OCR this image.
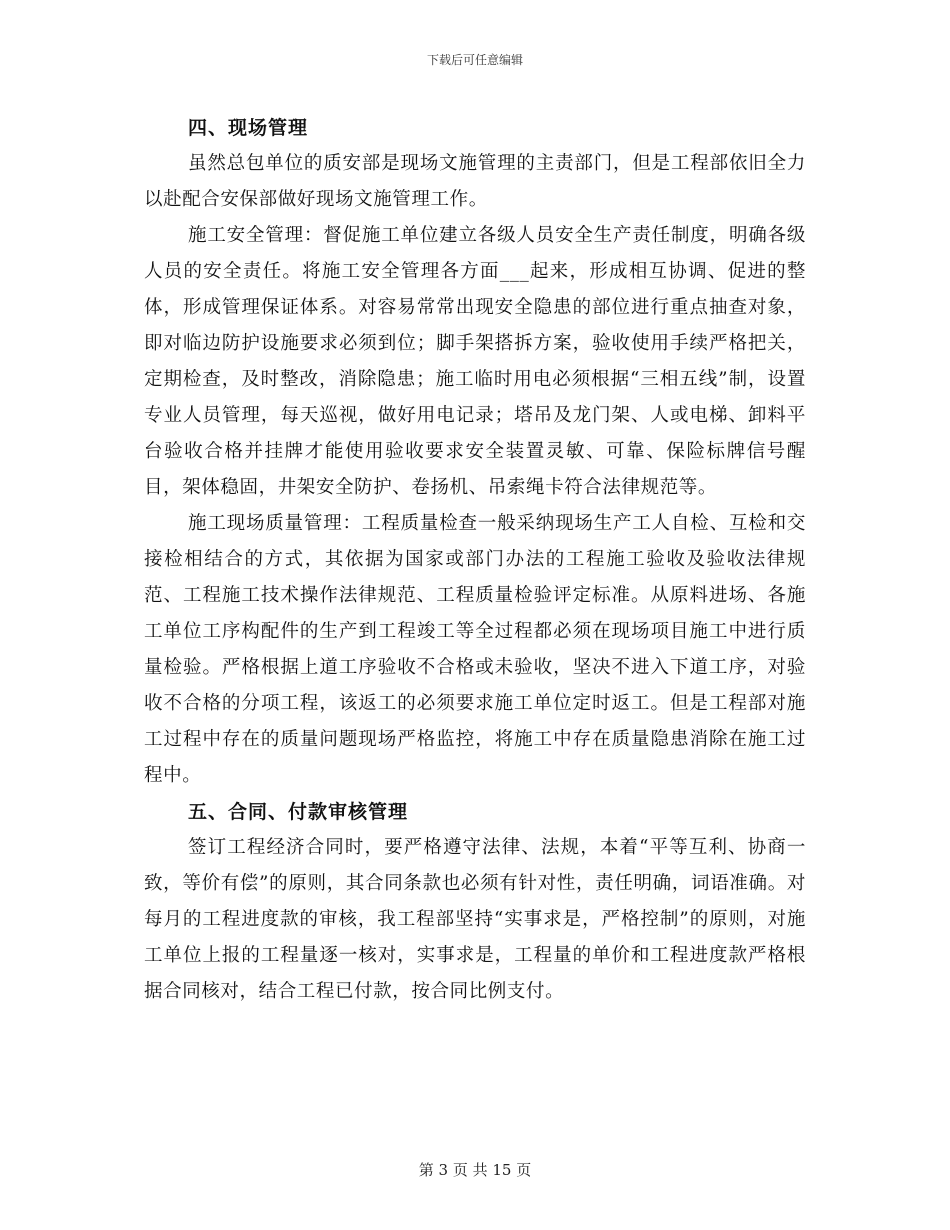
下载后可任意编辑
四、现场管理

虽然总包单位的质安部是现场文施管理的主责部门，但是工程部依旧全力以赴配合安保部做好现场文施管理工作。

施工安全管理：督促施工单位建立各级人员安全生产责任制度，明确各级人员的安全责任。将施工安全管理各方面___起来，形成相互协调、促进的整体，形成管理保证体系。对容易常常出现安全隐患的部位进行重点抽查对象，即对临边防护设施要求必须到位；脚手架搭拆方案，验收使用手续严格把关，定期检查，及时整改，消除隐患；施工临时用电必须根据“三相五线”制，设置专业人员管理，每天巡视，做好用电记录；塔吊及龙门架、人或电梯、卸料平台验收合格并挂牌才能使用验收要求安全装置灵敏、可靠、保险标牌信号醒目，架体稳固，井架安全防护、卷扬机、吊索绳卡符合法律规范等。

施工现场质量管理：工程质量检查一般采纳现场生产工人自检、互检和交接检相结合的方式，其依据为国家或部门办法的工程施工验收及验收法律规范、工程施工技术操作法律规范、工程质量检验评定标准。从原料进场、各施工单位工序构配件的生产到工程竣工等全过程都必须在现场项目施工中进行质量检验。严格根据上道工序验收不合格或未验收，坚决不进入下道工序，对验收不合格的分项工程，该返工的必须要求施工单位定时返工。但是工程部对施工过程中存在的质量问题现场严格监控，将施工中存在质量隐患消除在施工过程中。

五、合同、付款审核管理

签订工程经济合同时，要严格遵守法律、法规，本着“平等互利、协商一致，等价有偿”的原则，其合同条款也必须有针对性，责任明确，词语准确。对每月的工程进度款的审核，我工程部坚持“实事求是，严格控制”的原则，对施工单位上报的工程量逐一核对，实事求是，工程量的单价和工程进度款严格根据合同核对，结合工程已付款，按合同比例支付。

第 3 页 共 15 页
